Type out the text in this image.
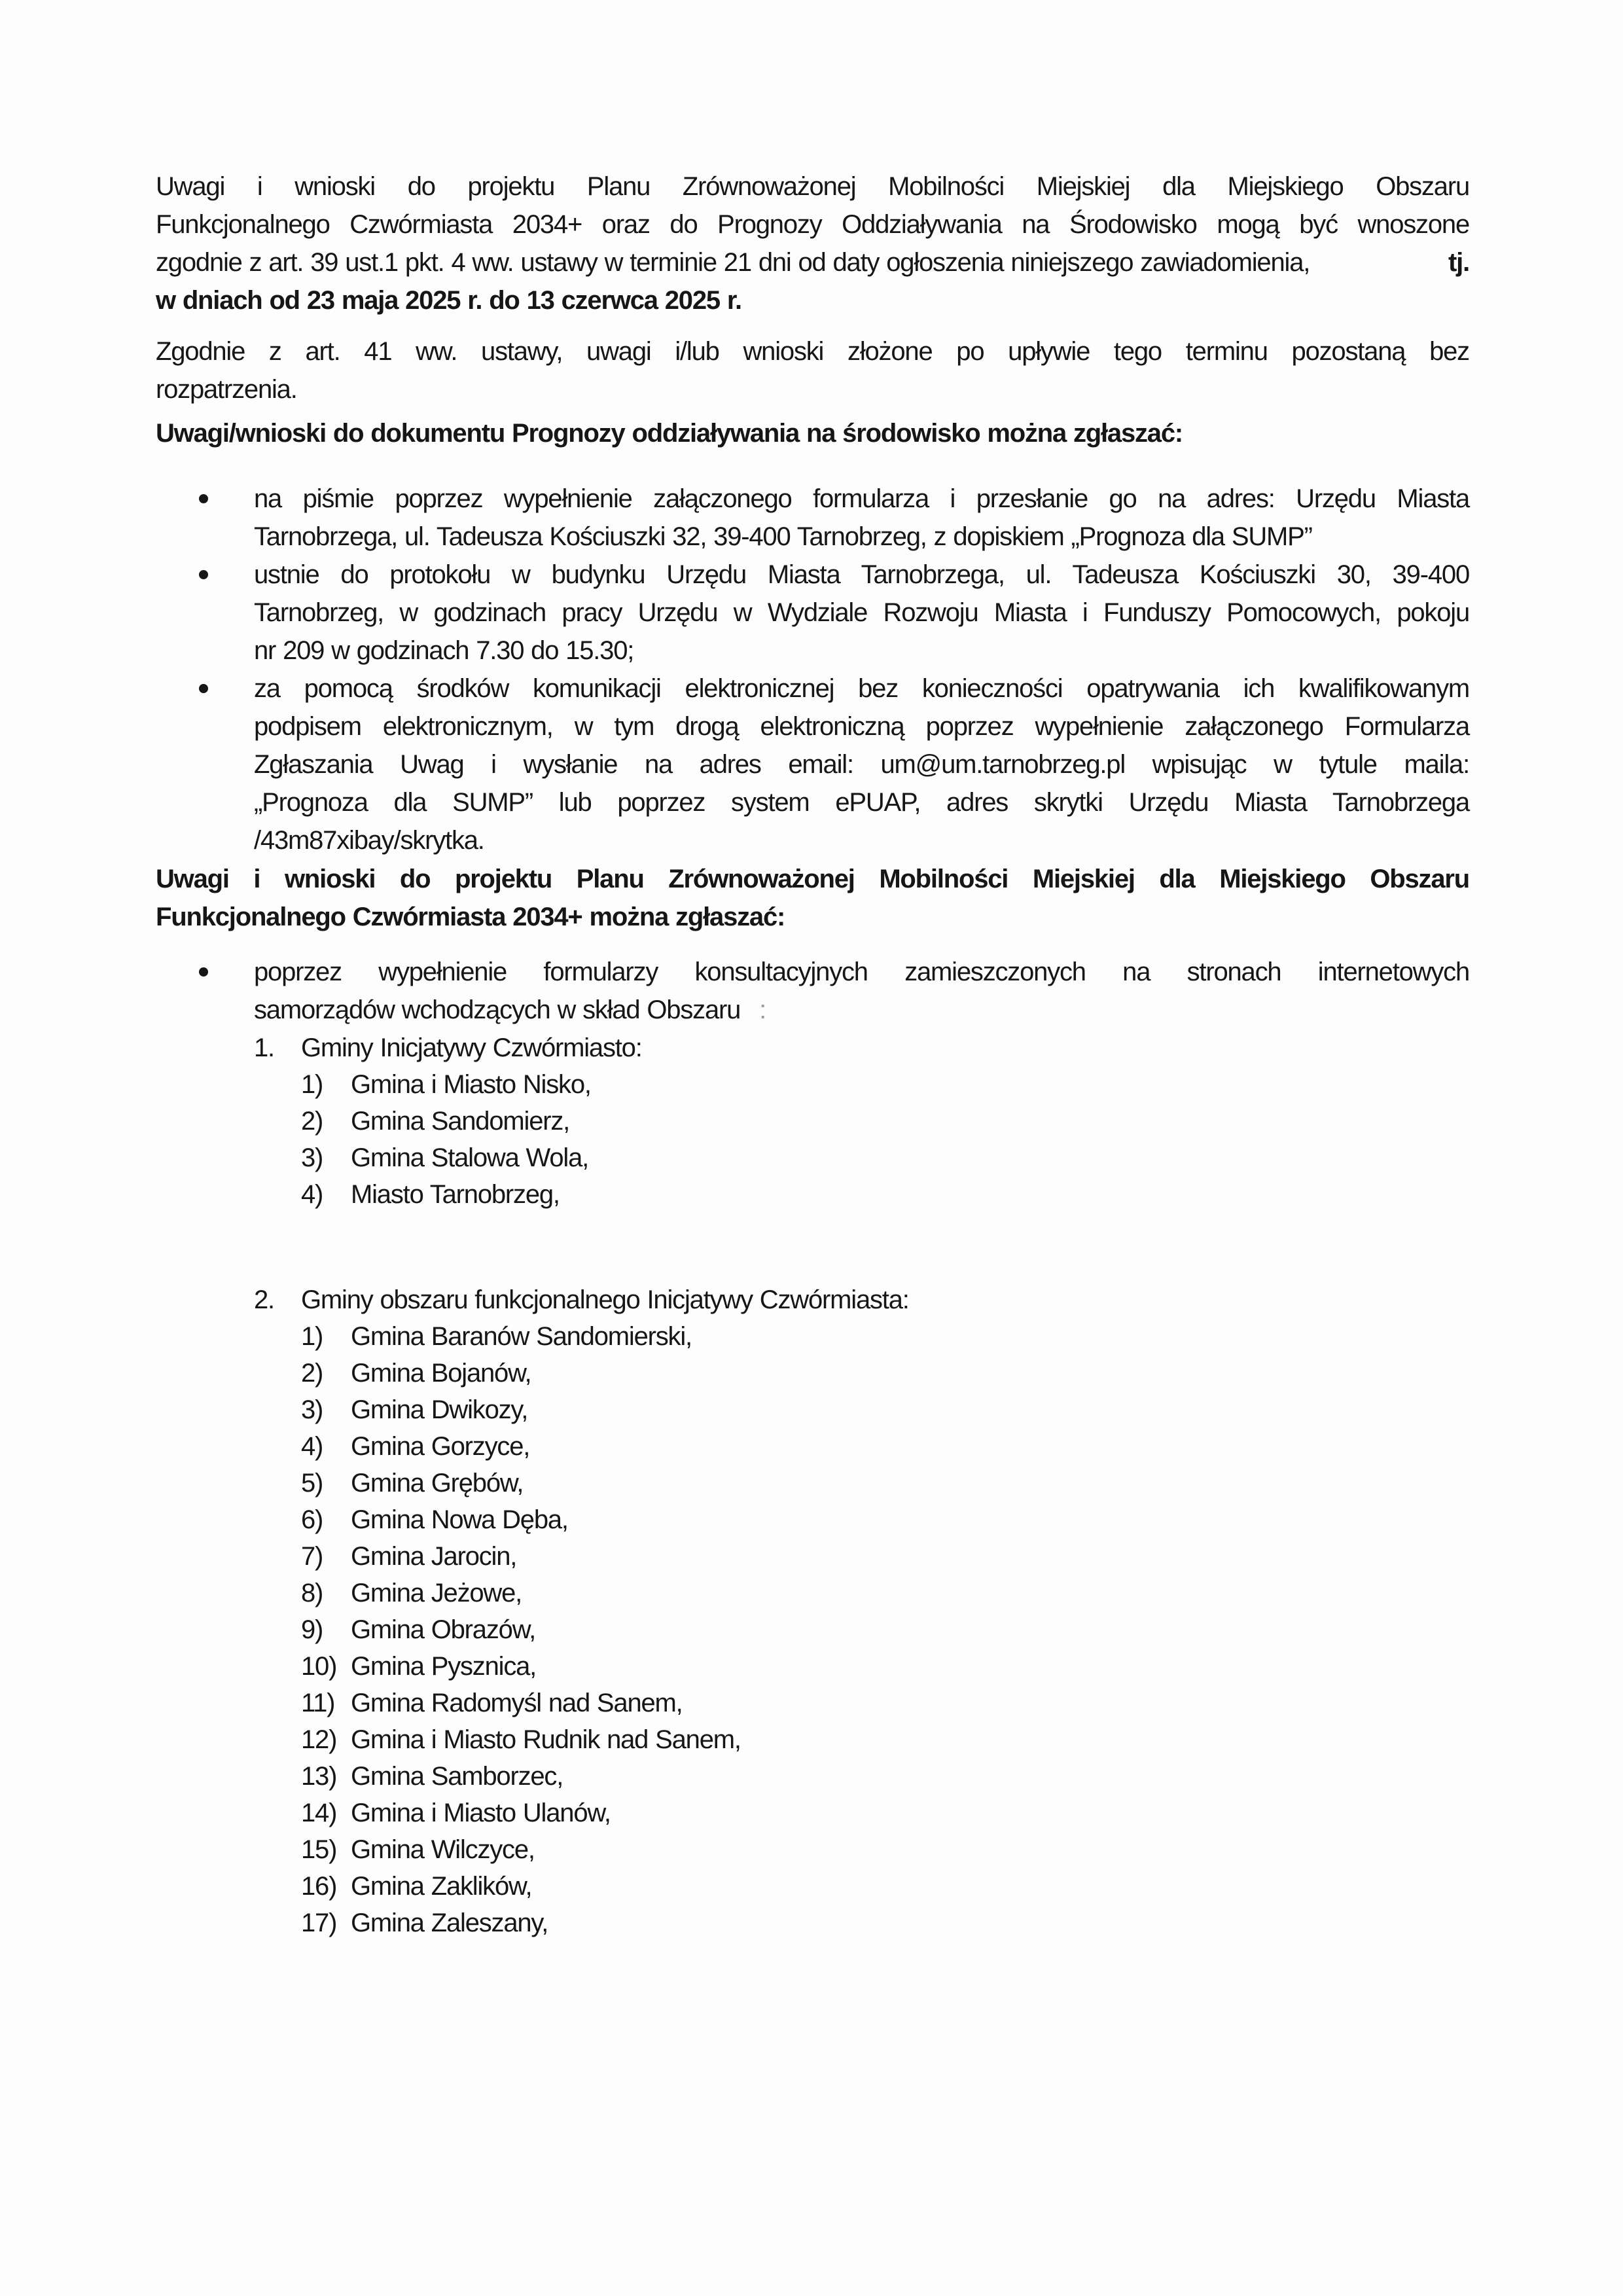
Uwagi i wnioski do projektu Planu Zrównoważonej Mobilności Miejskiej dla Miejskiego Obszaru
Funkcjonalnego Czwórmiasta 2034+ oraz do Prognozy Oddziaływania na Środowisko mogą być wnoszone
zgodnie z art. 39 ust.1 pkt. 4 ww. ustawy w terminie 21 dni od daty ogłoszenia niniejszego zawiadomienia,	tj.
w dniach od 23 maja 2025 r. do 13 czerwca 2025 r.
Zgodnie z art. 41 ww. ustawy, uwagi i/lub wnioski złożone po upływie tego terminu pozostaną bez
rozpatrzenia.
Uwagi/wnioski do dokumentu Prognozy oddziaływania na środowisko można zgłaszać:
na piśmie poprzez wypełnienie załączonego formularza i przesłanie go na adres: Urzędu Miasta
Tarnobrzega, ul. Tadeusza Kościuszki 32, 39-400 Tarnobrzeg, z dopiskiem „Prognoza dla SUMP”
ustnie do protokołu w budynku Urzędu Miasta Tarnobrzega, ul. Tadeusza Kościuszki 30, 39-400
Tarnobrzeg, w godzinach pracy Urzędu w Wydziale Rozwoju Miasta i Funduszy Pomocowych, pokoju
nr 209 w godzinach 7.30 do 15.30;
za pomocą środków komunikacji elektronicznej bez konieczności opatrywania ich kwalifikowanym
podpisem elektronicznym, w tym drogą elektroniczną poprzez wypełnienie załączonego Formularza
Zgłaszania Uwag i wysłanie na adres email: um@um.tarnobrzeg.pl wpisując w tytule maila:
„Prognoza dla SUMP” lub poprzez system ePUAP, adres skrytki Urzędu Miasta Tarnobrzega
/43m87xibay/skrytka.
Uwagi i wnioski do projektu Planu Zrównoważonej Mobilności Miejskiej dla Miejskiego Obszaru
Funkcjonalnego Czwórmiasta 2034+ można zgłaszać:
poprzez wypełnienie formularzy konsultacyjnych zamieszczonych na stronach internetowych
samorządów wchodzących w skład Obszaru :
1. Gminy Inicjatywy Czwórmiasto:
1) Gmina i Miasto Nisko,
2) Gmina Sandomierz,
3) Gmina Stalowa Wola,
4) Miasto Tarnobrzeg,
2. Gminy obszaru funkcjonalnego Inicjatywy Czwórmiasta:
1) Gmina Baranów Sandomierski,
2) Gmina Bojanów,
3) Gmina Dwikozy,
4) Gmina Gorzyce,
5) Gmina Grębów,
6) Gmina Nowa Dęba,
7) Gmina Jarocin,
8) Gmina Jeżowe,
9) Gmina Obrazów,
10) Gmina Pysznica,
11) Gmina Radomyśl nad Sanem,
12) Gmina i Miasto Rudnik nad Sanem,
13) Gmina Samborzec,
14) Gmina i Miasto Ulanów,
15) Gmina Wilczyce,
16) Gmina Zaklików,
17) Gmina Zaleszany,
